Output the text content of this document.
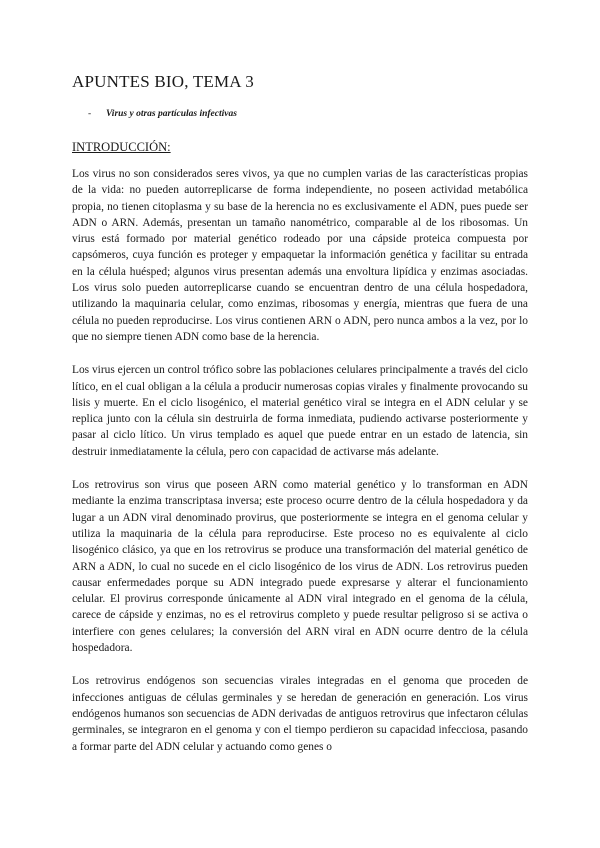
APUNTES BIO, TEMA 3
- Virus y otras partículas infectivas
INTRODUCCIÓN:

Los virus no son considerados seres vivos, ya que no cumplen varias de las características propias de la vida: no pueden autorreplicarse de forma independiente, no poseen actividad metabólica propia, no tienen citoplasma y su base de la herencia no es exclusivamente el ADN, pues puede ser ADN o ARN. Además, presentan un tamaño nanométrico, comparable al de los ribosomas. Un virus está formado por material genético rodeado por una cápside proteica compuesta por capsómeros, cuya función es proteger y empaquetar la información genética y facilitar su entrada en la célula huésped; algunos virus presentan además una envoltura lipídica y enzimas asociadas. Los virus solo pueden autorreplicarse cuando se encuentran dentro de una célula hospedadora, utilizando la maquinaria celular, como enzimas, ribosomas y energía, mientras que fuera de una célula no pueden reproducirse. Los virus contienen ARN o ADN, pero nunca ambos a la vez, por lo que no siempre tienen ADN como base de la herencia.

Los virus ejercen un control trófico sobre las poblaciones celulares principalmente a través del ciclo lítico, en el cual obligan a la célula a producir numerosas copias virales y finalmente provocando su lisis y muerte. En el ciclo lisogénico, el material genético viral se integra en el ADN celular y se replica junto con la célula sin destruirla de forma inmediata, pudiendo activarse posteriormente y pasar al ciclo lítico. Un virus templado es aquel que puede entrar en un estado de latencia, sin destruir inmediatamente la célula, pero con capacidad de activarse más adelante.

Los retrovirus son virus que poseen ARN como material genético y lo transforman en ADN mediante la enzima transcriptasa inversa; este proceso ocurre dentro de la célula hospedadora y da lugar a un ADN viral denominado provirus, que posteriormente se integra en el genoma celular y utiliza la maquinaria de la célula para reproducirse. Este proceso no es equivalente al ciclo lisogénico clásico, ya que en los retrovirus se produce una transformación del material genético de ARN a ADN, lo cual no sucede en el ciclo lisogénico de los virus de ADN. Los retrovirus pueden causar enfermedades porque su ADN integrado puede expresarse y alterar el funcionamiento celular. El provirus corresponde únicamente al ADN viral integrado en el genoma de la célula, carece de cápside y enzimas, no es el retrovirus completo y puede resultar peligroso si se activa o interfiere con genes celulares; la conversión del ARN viral en ADN ocurre dentro de la célula hospedadora.

Los retrovirus endógenos son secuencias virales integradas en el genoma que proceden de infecciones antiguas de células germinales y se heredan de generación en generación. Los virus endógenos humanos son secuencias de ADN derivadas de antiguos retrovirus que infectaron células germinales, se integraron en el genoma y con el tiempo perdieron su capacidad infecciosa, pasando a formar parte del ADN celular y actuando como genes o
